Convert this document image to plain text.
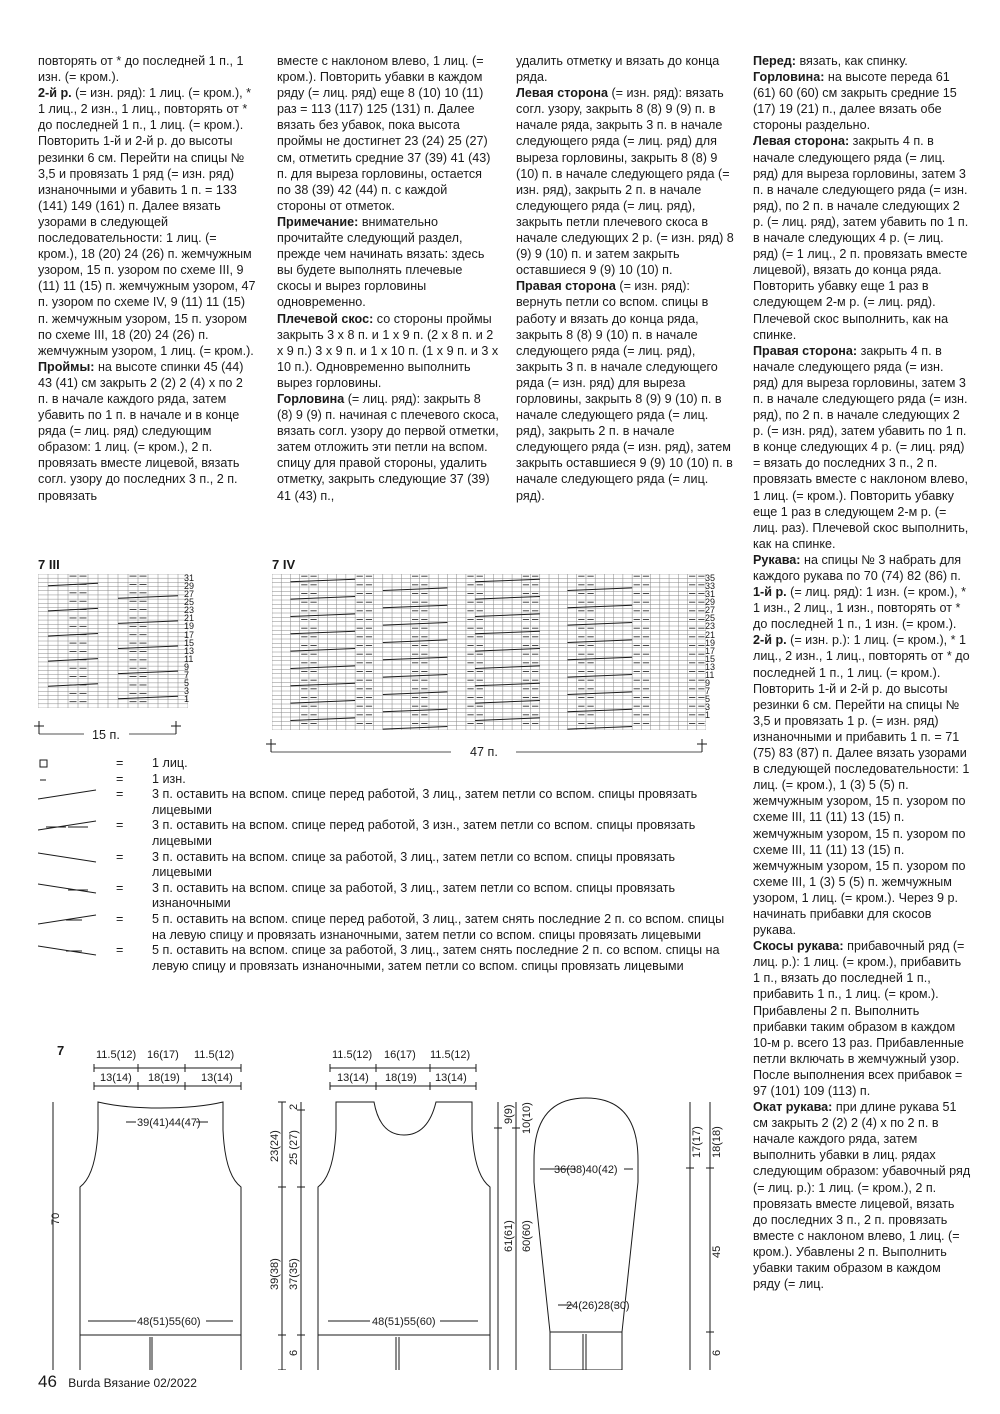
повторять от * до последней 1 п., 1 изн. (= кром.).

2-й р. (= изн. ряд): 1 лиц. (= кром.), * 1 лиц., 2 изн., 1 лиц., повторять от * до последней 1 п., 1 лиц. (= кром.). Повторить 1-й и 2-й р. до высоты резинки 6 см. Перейти на спицы № 3,5 и провязать 1 ряд (= изн. ряд) изнаночными и убавить 1 п. = 133 (141) 149 (161) п. Далее вязать узорами в следующей последовательности: 1 лиц. (= кром.), 18 (20) 24 (26) п. жемчужным узором, 15 п. узором по схеме III, 9 (11) 11 (15) п. жемчужным узором, 47 п. узором по схеме IV, 9 (11) 11 (15) п. жемчужным узором, 15 п. узором по схеме III, 18 (20) 24 (26) п. жемчужным узором, 1 лиц. (= кром.).

Проймы: на высоте спинки 45 (44) 43 (41) см закрыть 2 (2) 2 (4) х по 2 п. в начале каждого ряда, затем убавить по 1 п. в начале и в конце ряда (= лиц. ряд) следующим образом: 1 лиц. (= кром.), 2 п. провязать вместе лицевой, вязать согл. узору до последних 3 п., 2 п. провязать

вместе с наклоном влево, 1 лиц. (= кром.). Повторить убавки в каждом ряду (= лиц. ряд) еще 8 (10) 10 (11) раз = 113 (117) 125 (131) п. Далее вязать без убавок, пока высота проймы не достигнет 23 (24) 25 (27) см, отметить средние 37 (39) 41 (43) п. для выреза горловины, остается по 38 (39) 42 (44) п. с каждой стороны от отметок.

Примечание: внимательно прочитайте следующий раздел, прежде чем начинать вязать: здесь вы будете выполнять плечевые скосы и вырез горловины одновременно.

Плечевой скос: со стороны проймы закрыть 3 х 8 п. и 1 х 9 п. (2 х 8 п. и 2 х 9 п.) 3 х 9 п. и 1 х 10 п. (1 х 9 п. и 3 х 10 п.). Одновременно выполнить вырез горловины.

Горловина (= лиц. ряд): закрыть 8 (8) 9 (9) п. начиная с плечевого скоса, вязать согл. узору до первой отметки, затем отложить эти петли на вспом. спицу для правой стороны, удалить отметку, закрыть следующие 37 (39) 41 (43) п.,

удалить отметку и вязать до конца ряда.

Левая сторона (= изн. ряд): вязать согл. узору, закрыть 8 (8) 9 (9) п. в начале ряда, закрыть 3 п. в начале следующего ряда (= лиц. ряд) для выреза горловины, закрыть 8 (8) 9 (10) п. в начале следующего ряда (= изн. ряд), закрыть 2 п. в начале следующего ряда (= лиц. ряд), закрыть петли плечевого скоса в начале следующих 2 р. (= изн. ряд) 8 (9) 9 (10) п. и затем закрыть оставшиеся 9 (9) 10 (10) п.

Правая сторона (= изн. ряд): вернуть петли со вспом. спицы в работу и вязать до конца ряда, закрыть 8 (8) 9 (10) п. в начале следующего ряда (= лиц. ряд), закрыть 3 п. в начале следующего ряда (= изн. ряд) для выреза горловины, закрыть 8 (9) 9 (10) п. в начале следующего ряда (= лиц. ряд), закрыть 2 п. в начале следующего ряда (= изн. ряд), затем закрыть оставшиеся 9 (9) 10 (10) п. в начале следующего ряда (= лиц. ряд).

Перед: вязать, как спинку.

Горловина: на высоте переда 61 (61) 60 (60) см закрыть средние 15 (17) 19 (21) п., далее вязать обе стороны раздельно.

Левая сторона: закрыть 4 п. в начале следующего ряда (= лиц. ряд) для выреза горловины, затем 3 п. в начале следующего ряда (= изн. ряд), по 2 п. в начале следующих 2 р. (= лиц. ряд), затем убавить по 1 п. в начале следующих 4 р. (= лиц. ряд) (= 1 лиц., 2 п. провязать вместе лицевой), вязать до конца ряда. Повторить убавку еще 1 раз в следующем 2-м р. (= лиц. ряд). Плечевой скос выполнить, как на спинке.

Правая сторона: закрыть 4 п. в начале следующего ряда (= изн. ряд) для выреза горловины, затем 3 п. в начале следующего ряда (= изн. ряд), по 2 п. в начале следующих 2 р. (= изн. ряд), затем убавить по 1 п. в конце следующих 4 р. (= лиц. ряд) = вязать до последних 3 п., 2 п. провязать вместе с наклоном влево, 1 лиц. (= кром.). Повторить убавку еще 1 раз в следующем 2-м р. (= лиц. раз). Плечевой скос выполнить, как на спинке.

Рукава: на спицы № 3 набрать для каждого рукава по 70 (74) 82 (86) п.

1-й р. (= лиц. ряд): 1 изн. (= кром.), * 1 изн., 2 лиц., 1 изн., повторять от * до последней 1 п., 1 изн. (= кром.).

2-й р. (= изн. р.): 1 лиц. (= кром.), * 1 лиц., 2 изн., 1 лиц., повторять от * до последней 1 п., 1 лиц. (= кром.). Повторить 1-й и 2-й р. до высоты резинки 6 см. Перейти на спицы № 3,5 и провязать 1 р. (= изн. ряд) изнаночными и прибавить 1 п. = 71 (75) 83 (87) п. Далее вязать узорами в следующей последовательности: 1 лиц. (= кром.), 1 (3) 5 (5) п. жемчужным узором, 15 п. узором по схеме III, 11 (11) 13 (15) п. жемчужным узором, 15 п. узором по схеме III, 11 (11) 13 (15) п. жемчужным узором, 15 п. узором по схеме III, 1 (3) 5 (5) п. жемчужным узором, 1 лиц. (= кром.). Через 9 р. начинать прибавки для скосов рукава.

Скосы рукава: прибавочный ряд (= лиц. р.): 1 лиц. (= кром.), прибавить 1 п., вязать до последней 1 п., прибавить 1 п., 1 лиц. (= кром.). Прибавлены 2 п. Выполнить прибавки таким образом в каждом 10-м р. всего 13 раз. Прибавленные петли включать в жемчужный узор. После выполнения всех прибавок = 97 (101) 109 (113) п.

Окат рукава: при длине рукава 51 см закрыть 2 (2) 2 (4) х по 2 п. в начале каждого ряда, затем выполнить убавки в лиц. рядах следующим образом: убавочный ряд (= лиц. р.): 1 лиц. (= кром.), 2 п. провязать вместе лицевой, вязать до последних 3 п., 2 п. провязать вместе с наклоном влево, 1 лиц. (= кром.). Убавлены 2 п. Выполнить убавки таким образом в каждом ряду (= лиц.

7 III
31
29
27
25
23
21
19
17
15
13
11
9
7
5
3
1
15 п.
7 IV
35
33
31
29
27
25
23
21
19
17
15
13
11
9
7
5
3
1
47 п.
=	1 лиц.
=	1 изн.
=	3 п. оставить на вспом. спице перед работой, 3 лиц., затем петли со вспом. спицы провязать лицевыми
=	3 п. оставить на вспом. спице перед работой, 3 изн., затем петли со вспом. спицы провязать лицевыми
=	3 п. оставить на вспом. спице за работой, 3 лиц., затем петли со вспом. спицы провязать лицевыми
=	3 п. оставить на вспом. спице за работой, 3 лиц., затем петли со вспом. спицы провязать изнаночными
=	5 п. оставить на вспом. спице перед работой, 3 лиц., затем снять последние 2 п. со вспом. спицы на левую спицу и провязать изнаночными, затем петли со вспом. спицы провязать лицевыми
=	5 п. оставить на вспом. спице за работой, 3 лиц., затем снять последние 2 п. со вспом. спицы на левую спицу и провязать изнаночными, затем петли со вспом. спицы провязать лицевыми
7	11.5(12) 16(17) 11.5(12)
13(14) 18(19) 13(14)
39(41)44(47)
48(51)55(60)
70
11.5(12) 16(17) 11.5(12)
13(14) 18(19) 13(14)
48(51)55(60)
23(24)
2
25 (27)
39(38) 37(35)
6
36(38)40(42)
24(26)28(30)
9(9) 10(10)
61(61) 60(60)
17(17) 18(18)
45
6
46 Burda Вязание 02/2022
